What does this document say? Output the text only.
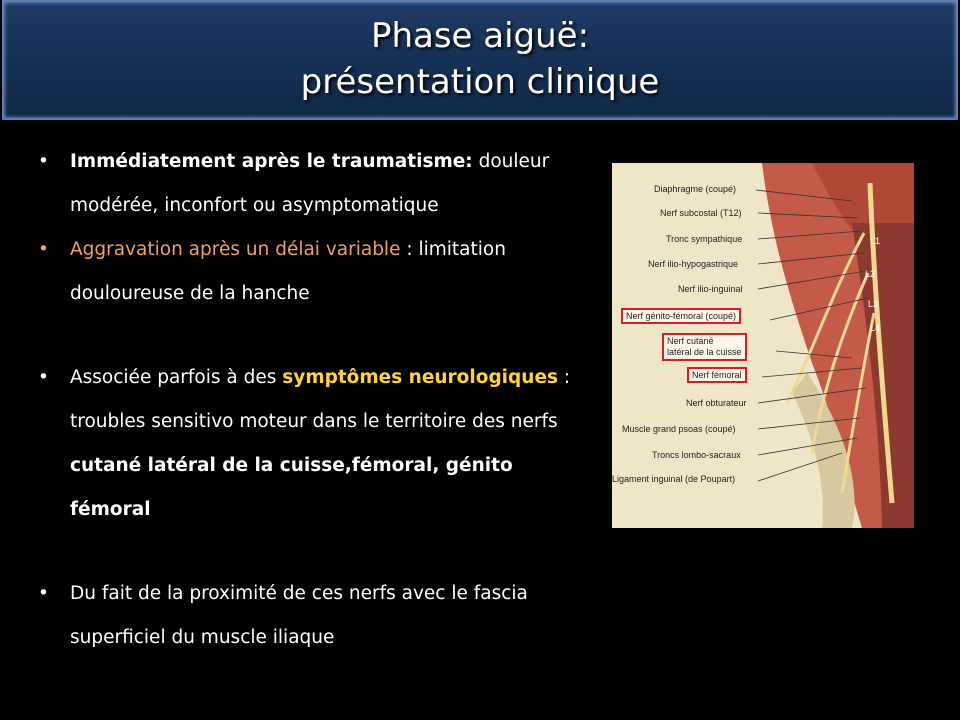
Phase aiguë:
présentation clinique
• Immédiatement après le traumatisme: douleur modérée, inconfort ou asymptomatique
• Aggravation après un délai variable : limitation douloureuse de la hanche
• Associée parfois à des symptômes neurologiques : troubles sensitivo moteur dans le territoire des nerfs cutané latéral de la cuisse,fémoral, génito fémoral
• Du fait de la proximité de ces nerfs avec le fascia superficiel du muscle iliaque
Diaphragme (coupé)
Nerf subcostal (T12)
Tronc sympathique
Nerf ilio-hypogastrique
Nerf ilio-inguinal
Nerf génito-fémoral (coupé)
Nerf cutané
latéral de la cuisse
Nerf fémoral
Nerf obturateur
Muscle grand psoas (coupé)
Troncs lombo-sacraux
Ligament inguinal (de Poupart)
L1
L2
L3
L4
